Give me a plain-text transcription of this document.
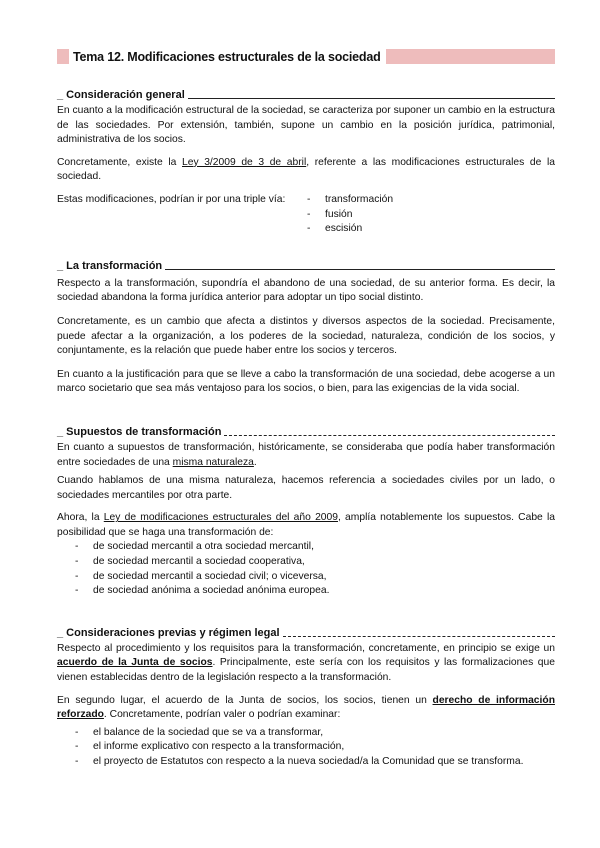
Tema 12. Modificaciones estructurales de la sociedad
_ Consideración general

En cuanto a la modificación estructural de la sociedad, se caracteriza por suponer un cambio en la estructura de las sociedades. Por extensión, también, supone un cambio en la posición jurídica, patrimonial, administrativa de los socios.

Concretamente, existe la Ley 3/2009 de 3 de abril, referente a las modificaciones estructurales de la sociedad.

Estas modificaciones, podrían ir por una triple vía:	-	transformación
-	fusión
-	escisión
_ La transformación

Respecto a la transformación, supondría el abandono de una sociedad, de su anterior forma. Es decir, la sociedad abandona la forma jurídica anterior para adoptar un tipo social distinto.

Concretamente, es un cambio que afecta a distintos y diversos aspectos de la sociedad. Precisamente, puede afectar a la organización, a los poderes de la sociedad, naturaleza, condición de los socios, y conjuntamente, es la relación que puede haber entre los socios y terceros.

En cuanto a la justificación para que se lleve a cabo la transformación de una sociedad, debe acogerse a un marco societario que sea más ventajoso para los socios, o bien, para las exigencias de la vida social.

_ Supuestos de transformación

En cuanto a supuestos de transformación, históricamente, se consideraba que podía haber transformación entre sociedades de una misma naturaleza.

Cuando hablamos de una misma naturaleza, hacemos referencia a sociedades civiles por un lado, o sociedades mercantiles por otra parte.

Ahora, la Ley de modificaciones estructurales del año 2009, amplía notablemente los supuestos. Cabe la posibilidad que se haga una transformación de:

-	de sociedad mercantil a otra sociedad mercantil,
-	de sociedad mercantil a sociedad cooperativa,
-	de sociedad mercantil a sociedad civil; o viceversa,
-	de sociedad anónima a sociedad anónima europea.
_ Consideraciones previas y régimen legal

Respecto al procedimiento y los requisitos para la transformación, concretamente, en principio se exige un acuerdo de la Junta de socios. Principalmente, este sería con los requisitos y las formalizaciones que vienen establecidas dentro de la legislación respecto a la transformación.

En segundo lugar, el acuerdo de la Junta de socios, los socios, tienen un derecho de información reforzado. Concretamente, podrían valer o podrían examinar:

-	el balance de la sociedad que se va a transformar,
-	el informe explicativo con respecto a la transformación,
-	el proyecto de Estatutos con respecto a la nueva sociedad/a la Comunidad que se transforma.
